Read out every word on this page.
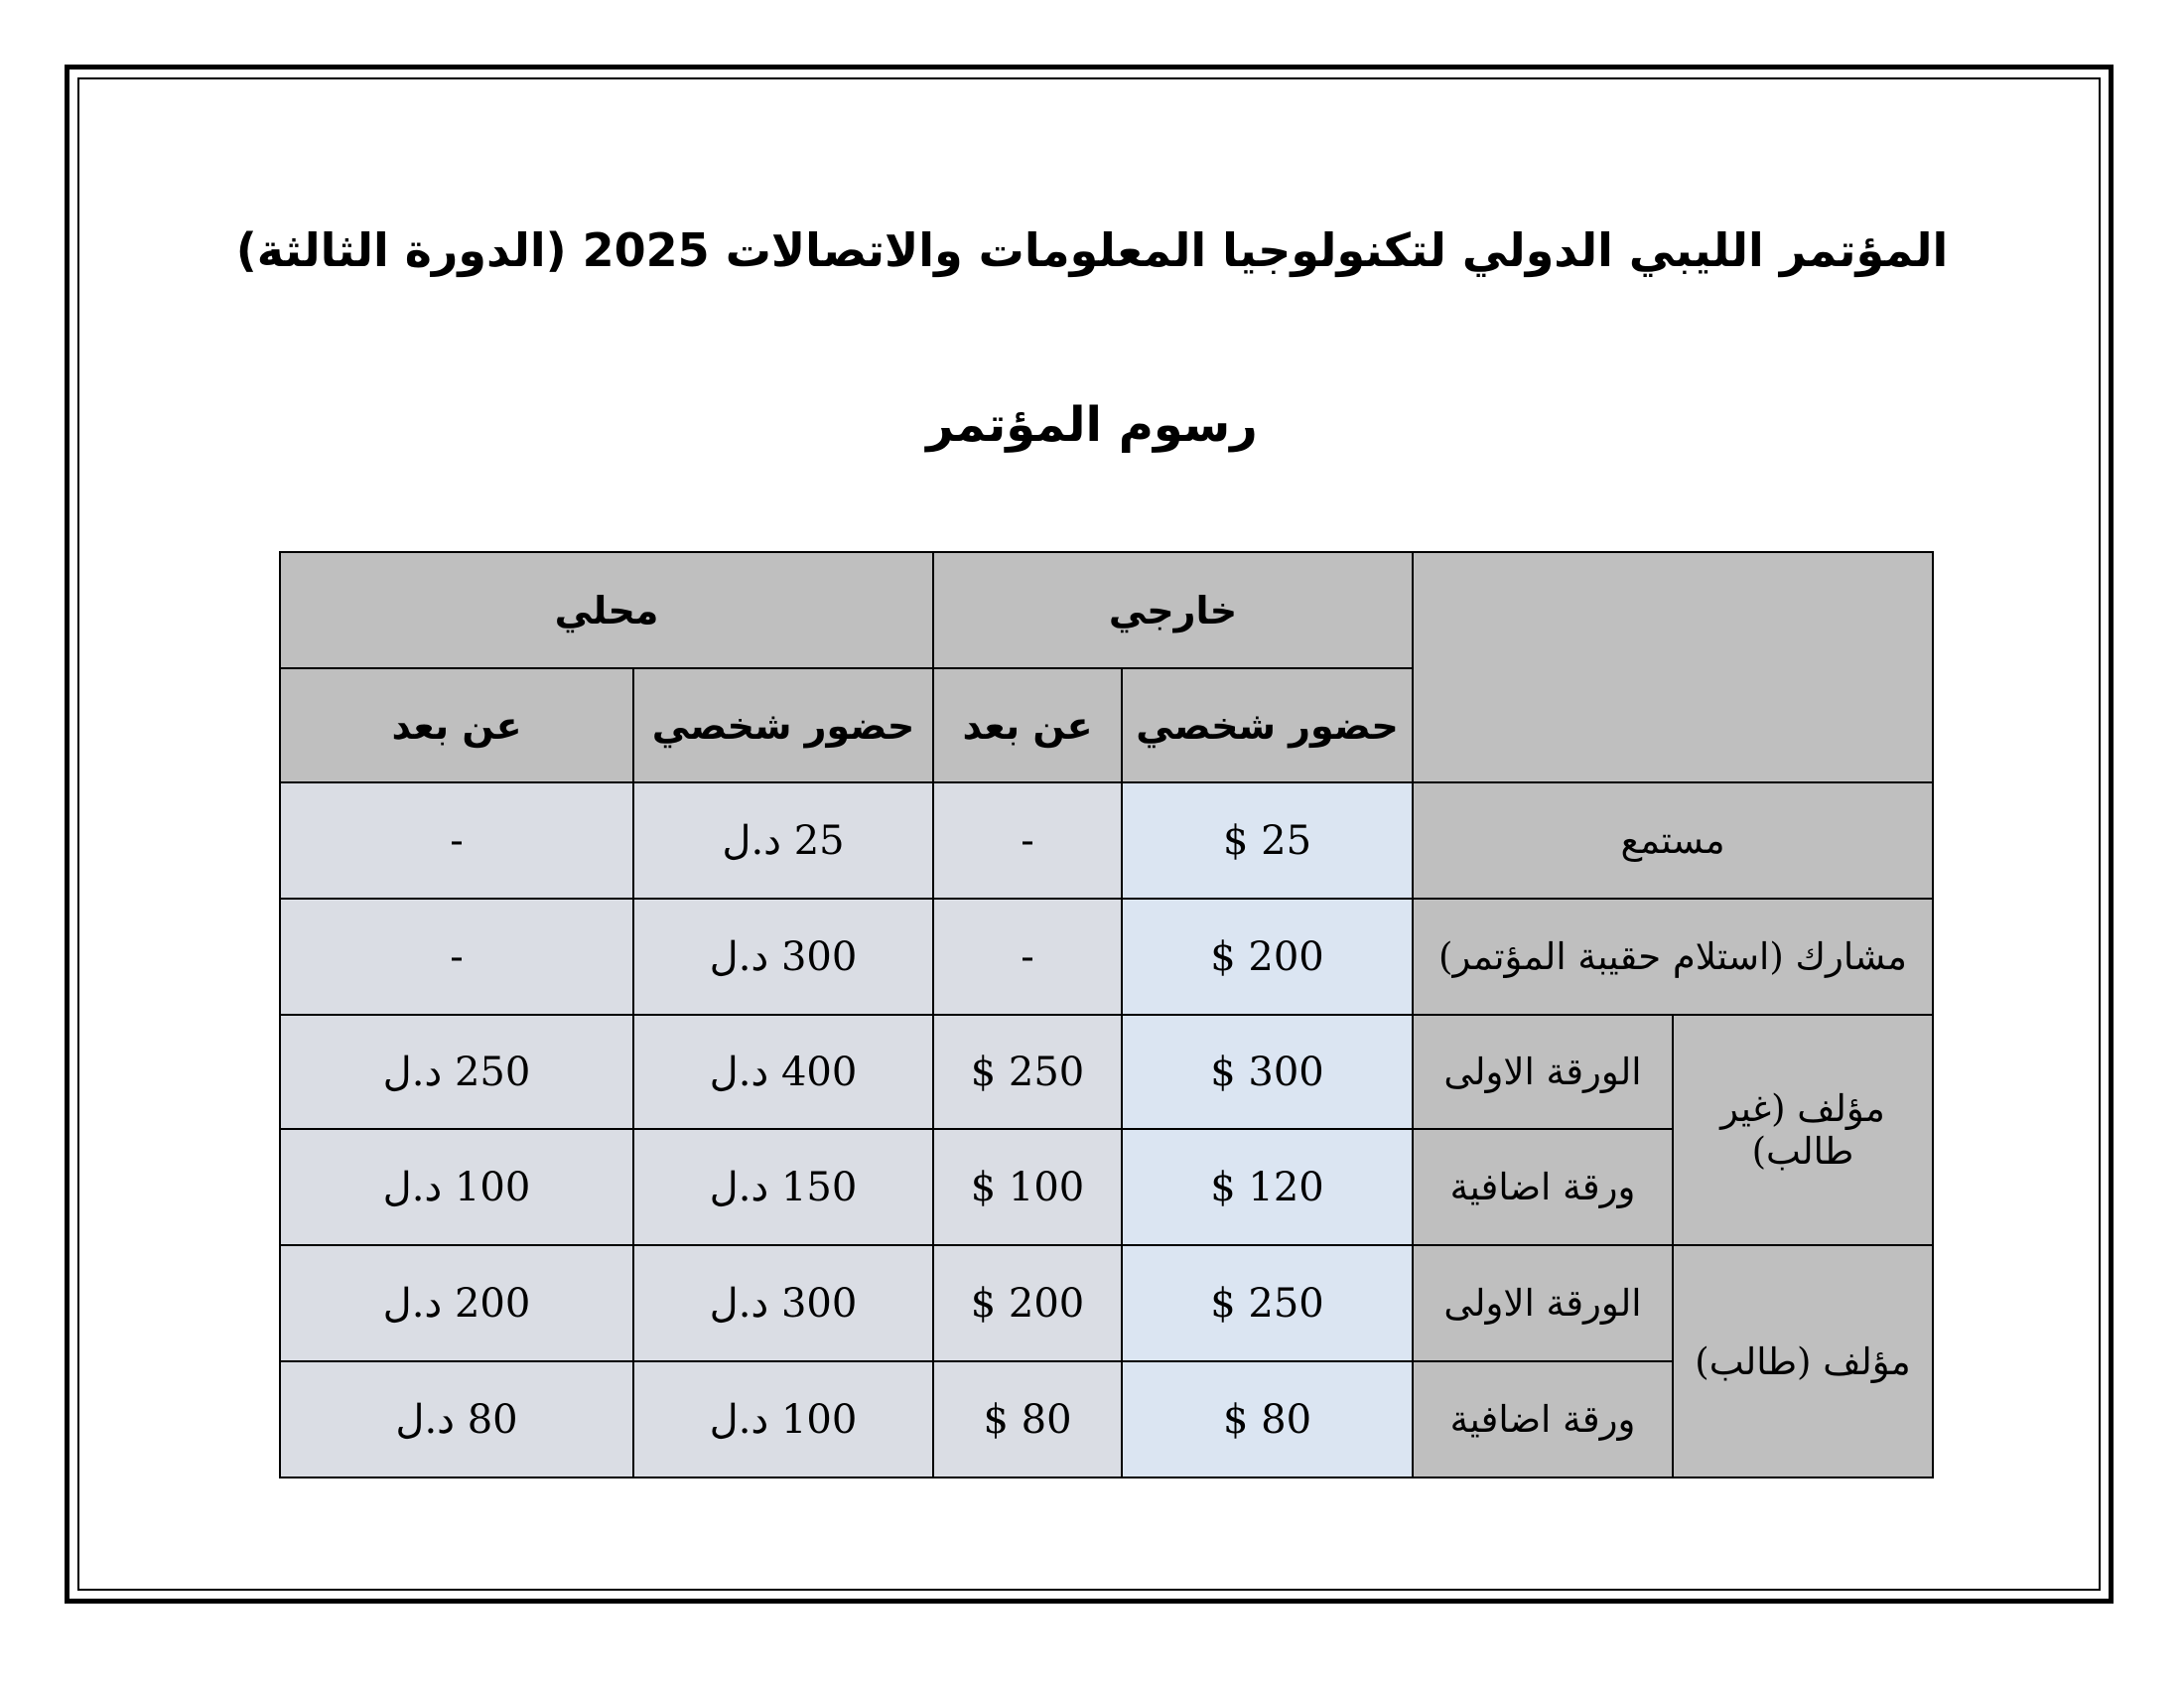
المؤتمر الليبي الدولي لتكنولوجيا المعلومات والاتصالات 2025 (الدورة الثالثة)
رسوم المؤتمر
		خارجي		محلي	
		حضور شخصي	عن بعد	حضور شخصي	عن بعد
مستمع		$ 25	-	25 د.ل	-
مشارك (استلام حقيبة المؤتمر)		$ 200	-	300 د.ل	-
مؤلف (غير طالب)	الورقة الاولى	$ 300	$ 250	400 د.ل	250 د.ل
	ورقة اضافية	$ 120	$ 100	150 د.ل	100 د.ل
مؤلف (طالب)	الورقة الاولى	$ 250	$ 200	300 د.ل	200 د.ل
	ورقة اضافية	$ 80	$ 80	100 د.ل	80 د.ل
